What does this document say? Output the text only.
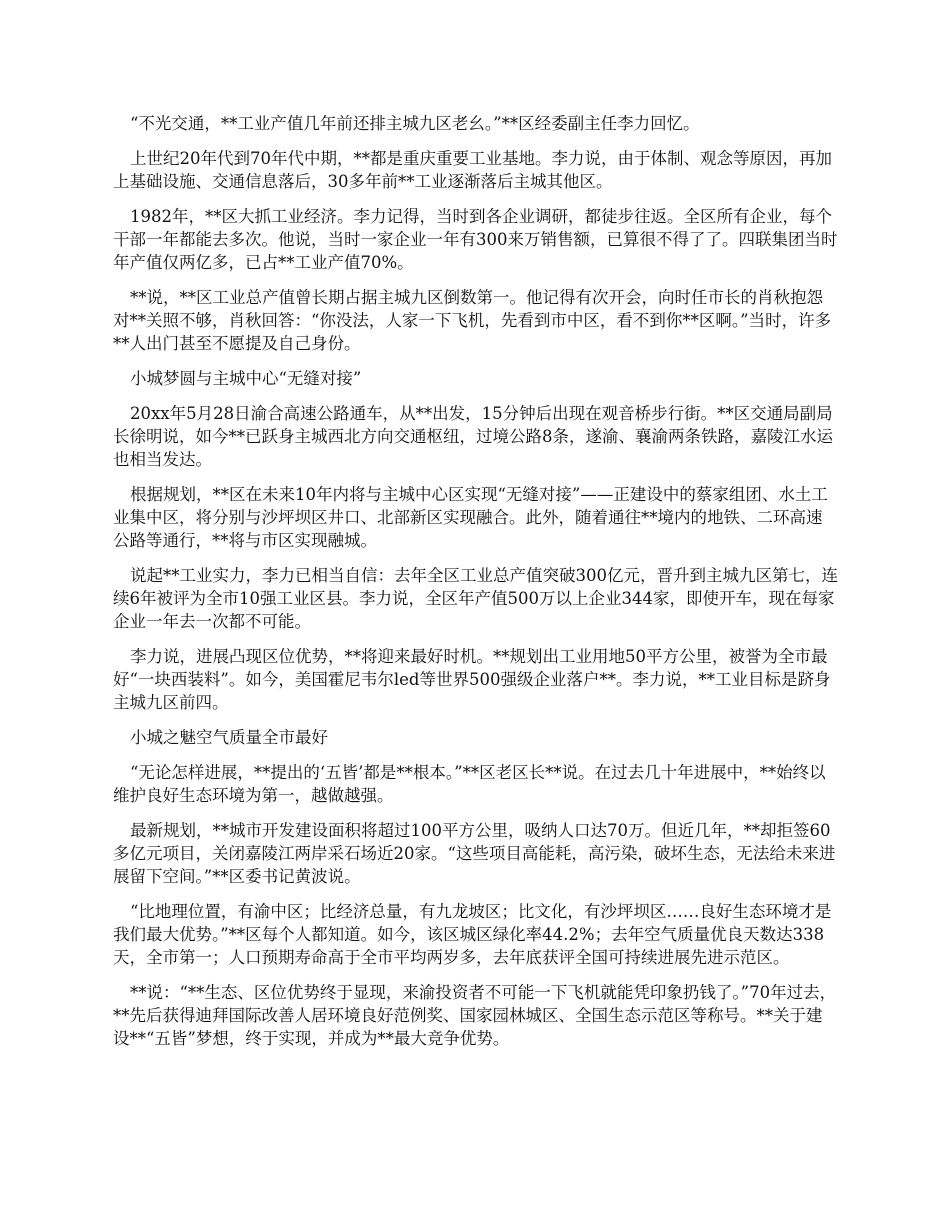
“不光交通，**工业产值几年前还排主城九区老幺。”**区经委副主任李力回忆。

上世纪20年代到70年代中期，**都是重庆重要工业基地。李力说，由于体制、观念等原因，再加上基础设施、交通信息落后，30多年前**工业逐渐落后主城其他区。

1982年，**区大抓工业经济。李力记得，当时到各企业调研，都徒步往返。全区所有企业，每个干部一年都能去多次。他说，当时一家企业一年有300来万销售额，已算很不得了了。四联集团当时年产值仅两亿多，已占**工业产值70%。

**说，**区工业总产值曾长期占据主城九区倒数第一。他记得有次开会，向时任市长的肖秋抱怨对**关照不够，肖秋回答：“你没法，人家一下飞机，先看到市中区，看不到你**区啊。”当时，许多**人出门甚至不愿提及自己身份。

小城梦圆与主城中心“无缝对接”

20xx年5月28日渝合高速公路通车，从**出发，15分钟后出现在观音桥步行街。**区交通局副局长徐明说，如今**已跃身主城西北方向交通枢纽，过境公路8条，遂渝、襄渝两条铁路，嘉陵江水运也相当发达。

根据规划，**区在未来10年内将与主城中心区实现“无缝对接”——正建设中的蔡家组团、水土工业集中区，将分别与沙坪坝区井口、北部新区实现融合。此外，随着通往**境内的地铁、二环高速公路等通行，**将与市区实现融城。

说起**工业实力，李力已相当自信：去年全区工业总产值突破300亿元，晋升到主城九区第七，连续6年被评为全市10强工业区县。李力说，全区年产值500万以上企业344家，即使开车，现在每家企业一年去一次都不可能。

李力说，进展凸现区位优势，**将迎来最好时机。**规划出工业用地50平方公里，被誉为全市最好“一块西装料”。如今，美国霍尼韦尔led等世界500强级企业落户**。李力说，**工业目标是跻身主城九区前四。

小城之魅空气质量全市最好

“无论怎样进展，**提出的‘五皆’都是**根本。”**区老区长**说。在过去几十年进展中，**始终以维护良好生态环境为第一，越做越强。

最新规划，**城市开发建设面积将超过100平方公里，吸纳人口达70万。但近几年，**却拒签60多亿元项目，关闭嘉陵江两岸采石场近20家。“这些项目高能耗，高污染，破坏生态，无法给未来进展留下空间。”**区委书记黄波说。

“比地理位置，有渝中区；比经济总量，有九龙坡区；比文化，有沙坪坝区……良好生态环境才是我们最大优势。”**区每个人都知道。如今，该区城区绿化率44.2%；去年空气质量优良天数达338天，全市第一；人口预期寿命高于全市平均两岁多，去年底获评全国可持续进展先进示范区。

**说：“**生态、区位优势终于显现，来渝投资者不可能一下飞机就能凭印象扔钱了。”70年过去，**先后获得迪拜国际改善人居环境良好范例奖、国家园林城区、全国生态示范区等称号。**关于建设**“五皆”梦想，终于实现，并成为**最大竞争优势。
